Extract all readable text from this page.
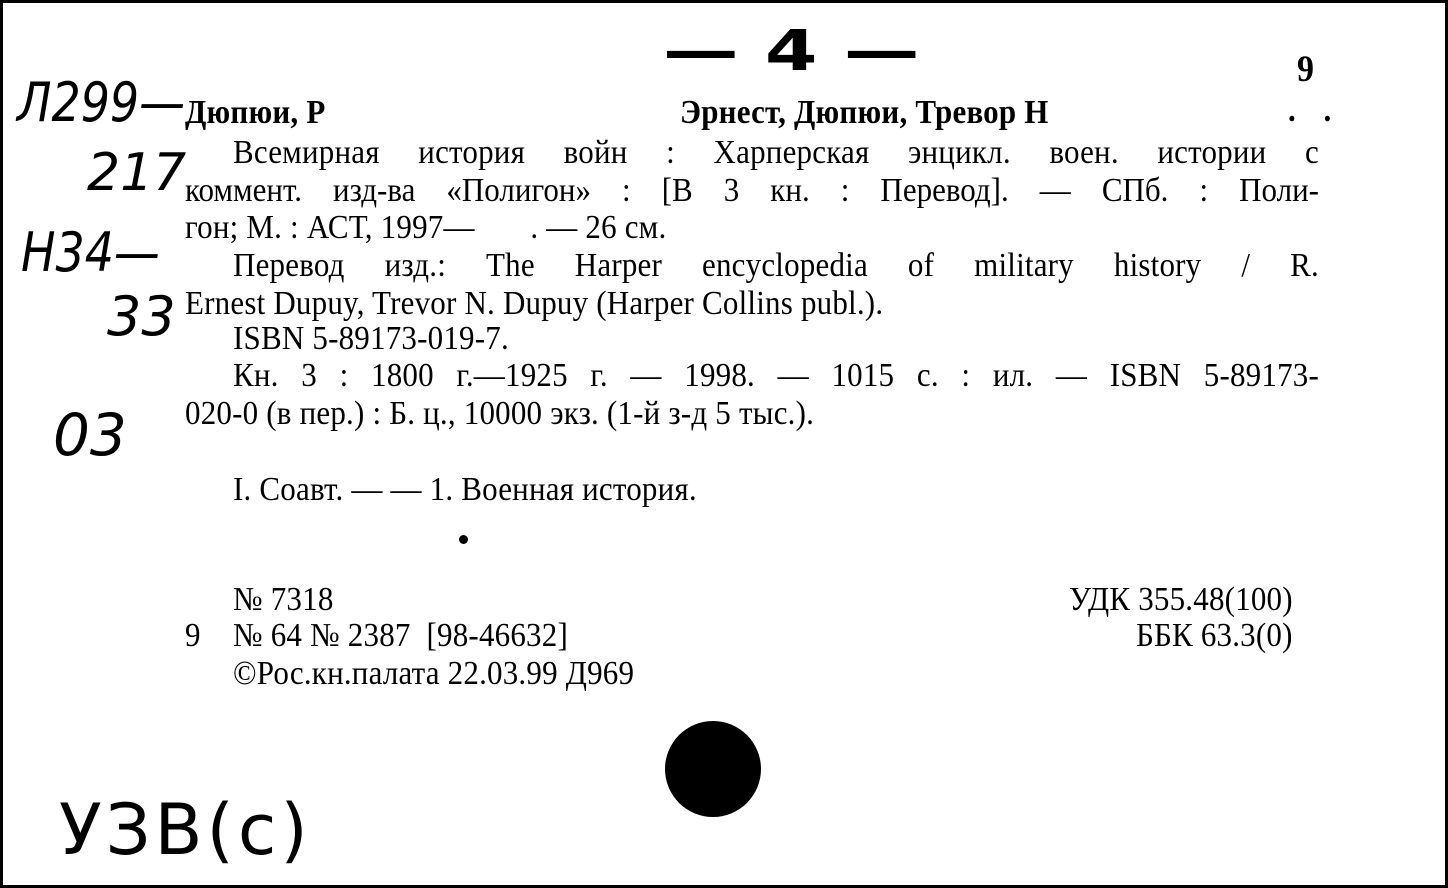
— 4 —	9
Дюпюи, Р	Эрнест, Дюпюи, Тревор Н	. .
Всемирная история войн : Харперская энцикл. воен. истории с
коммент. изд-ва «Полигон» : [В 3 кн. : Перевод]. — СПб. : Поли-
гон; М. : АСТ, 1997—       . — 26 см.
Перевод изд.: The Harper encyclopedia of military history / R.
Ernest Dupuy, Trevor N. Dupuy (Harper Collins publ.).
ISBN 5-89173-019-7.
Кн. 3 : 1800 г.—1925 г. — 1998. — 1015 с. : ил. — ISBN 5-89173-
020-0 (в пер.) : Б. ц., 10000 экз. (1-й з-д 5 тыс.).
I. Соавт. — — 1. Военная история.
№ 7318
9 № 64 № 2387  [98-46632]
©Рос.кн.палата 22.03.99 Д969
УДК 355.48(100)
ББК 63.3(0)
Л299—
217
Н34—
33
03
УЗВ(с)
